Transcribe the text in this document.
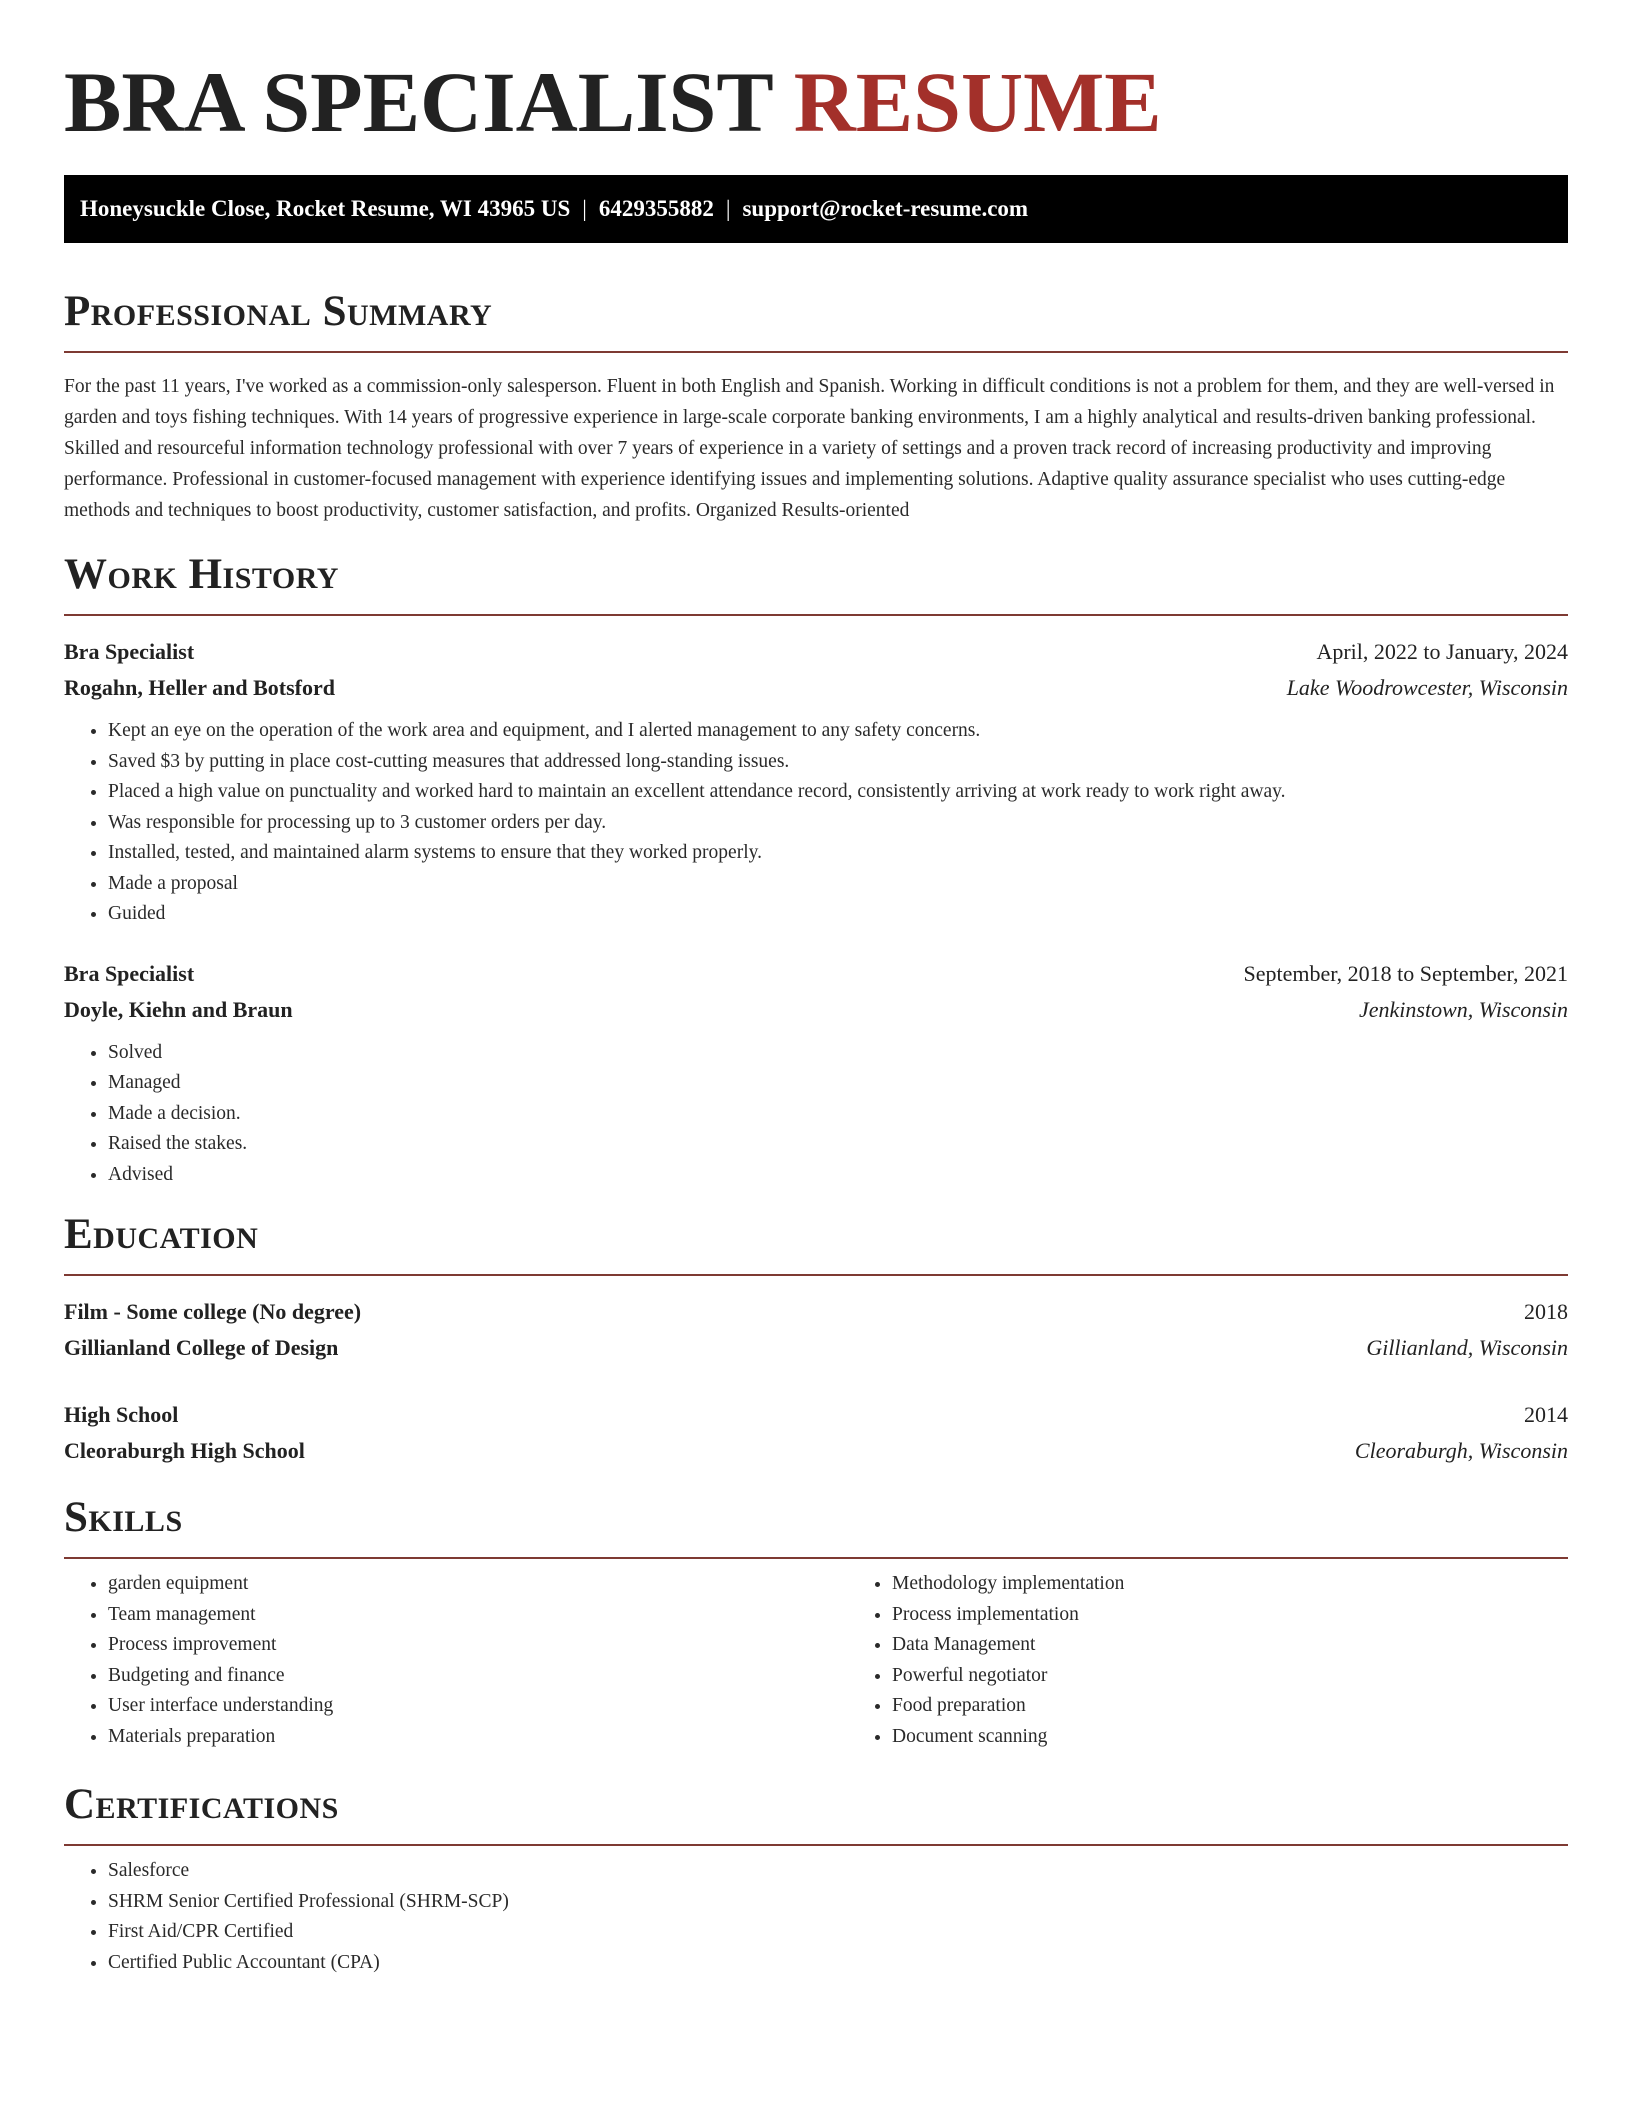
BRA SPECIALIST RESUME
Honeysuckle Close, Rocket Resume, WI 43965 US | 6429355882 | support@rocket-resume.com
Professional Summary

For the past 11 years, I've worked as a commission-only salesperson. Fluent in both English and Spanish. Working in difficult conditions is not a problem for them, and they are well-versed in garden and toys fishing techniques. With 14 years of progressive experience in large-scale corporate banking environments, I am a highly analytical and results-driven banking professional. Skilled and resourceful information technology professional with over 7 years of experience in a variety of settings and a proven track record of increasing productivity and improving performance. Professional in customer-focused management with experience identifying issues and implementing solutions. Adaptive quality assurance specialist who uses cutting-edge methods and techniques to boost productivity, customer satisfaction, and profits. Organized Results-oriented

Work History
Bra Specialist	April, 2022 to January, 2024
Rogahn, Heller and Botsford	Lake Woodrowcester, Wisconsin
• Kept an eye on the operation of the work area and equipment, and I alerted management to any safety concerns.
• Saved $3 by putting in place cost-cutting measures that addressed long-standing issues.
• Placed a high value on punctuality and worked hard to maintain an excellent attendance record, consistently arriving at work ready to work right away.
• Was responsible for processing up to 3 customer orders per day.
• Installed, tested, and maintained alarm systems to ensure that they worked properly.
• Made a proposal
• Guided
Bra Specialist	September, 2018 to September, 2021
Doyle, Kiehn and Braun	Jenkinstown, Wisconsin
• Solved
• Managed
• Made a decision.
• Raised the stakes.
• Advised
Education
Film - Some college (No degree)	2018
Gillianland College of Design	Gillianland, Wisconsin
High School	2014
Cleoraburgh High School	Cleoraburgh, Wisconsin
Skills
• garden equipment
• Team management
• Process improvement
• Budgeting and finance
• User interface understanding
• Materials preparation
• Methodology implementation
• Process implementation
• Data Management
• Powerful negotiator
• Food preparation
• Document scanning
Certifications
• Salesforce
• SHRM Senior Certified Professional (SHRM-SCP)
• First Aid/CPR Certified
• Certified Public Accountant (CPA)
